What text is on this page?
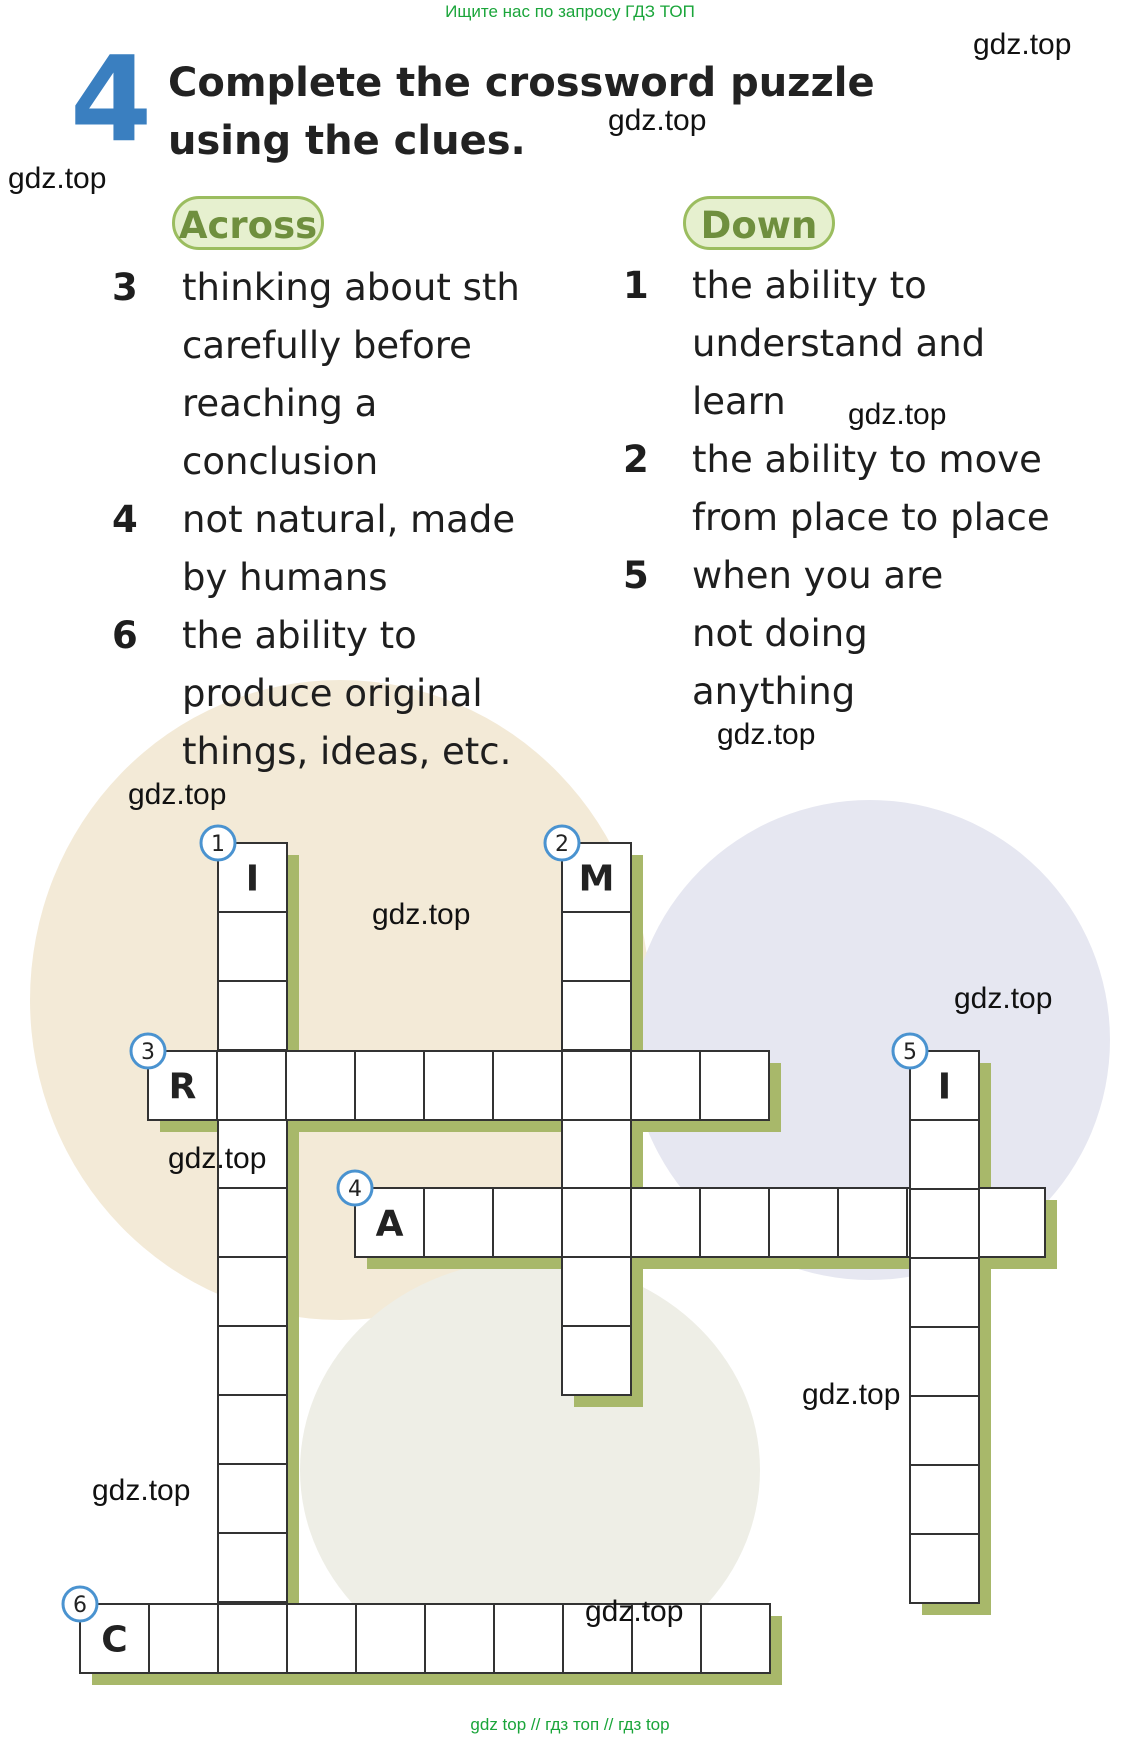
Ищите нас по запросу ГДЗ ТОП
4 Complete the crossword puzzle using the clues.
Across
3 thinking about sth carefully before reaching a conclusion
4 not natural, made by humans
6 the ability to produce original things, ideas, etc.
Down
1 the ability to understand and learn
2 the ability to move from place to place
5 when you are not doing anything
I
1
M
2
R
3
A
4
I
5
C
6
gdz.top
gdz.top
gdz.top
gdz.top
gdz.top
gdz.top
gdz.top
gdz.top
gdz.top
gdz.top
gdz.top
gdz.top
gdz top // гдз топ // гдз top
